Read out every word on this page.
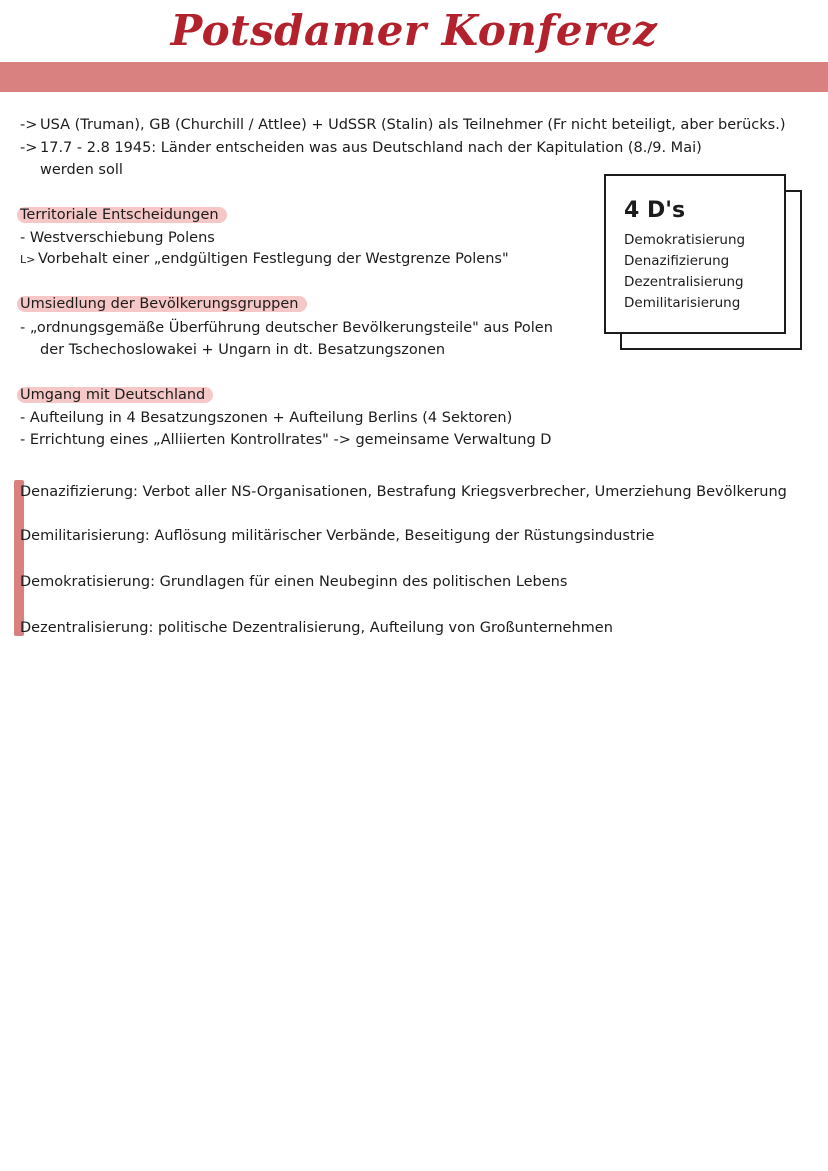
Potsdamer Konferez
-> USA (Truman), GB (Churchill / Attlee) + UdSSR (Stalin) als Teilnehmer (Fr nicht beteiligt, aber berücks.)
-> 17.7 - 2.8 1945: Länder entscheiden was aus Deutschland nach der Kapitulation (8./9. Mai)
werden soll
Territoriale Entscheidungen
- Westverschiebung Polens
L> Vorbehalt einer „endgültigen Festlegung der Westgrenze Polens"
Umsiedlung der Bevölkerungsgruppen
- „ordnungsgemäße Überführung deutscher Bevölkerungsteile" aus Polen
der Tschechoslowakei + Ungarn in dt. Besatzungszonen
Umgang mit Deutschland
- Aufteilung in 4 Besatzungszonen + Aufteilung Berlins (4 Sektoren)
- Errichtung eines „Alliierten Kontrollrates" -> gemeinsame Verwaltung D
4 D's
Demokratisierung
Denazifizierung
Dezentralisierung
Demilitarisierung
Denazifizierung: Verbot aller NS-Organisationen, Bestrafung Kriegsverbrecher, Umerziehung Bevölkerung
Demilitarisierung: Auflösung militärischer Verbände, Beseitigung der Rüstungsindustrie
Demokratisierung: Grundlagen für einen Neubeginn des politischen Lebens
Dezentralisierung: politische Dezentralisierung, Aufteilung von Großunternehmen
